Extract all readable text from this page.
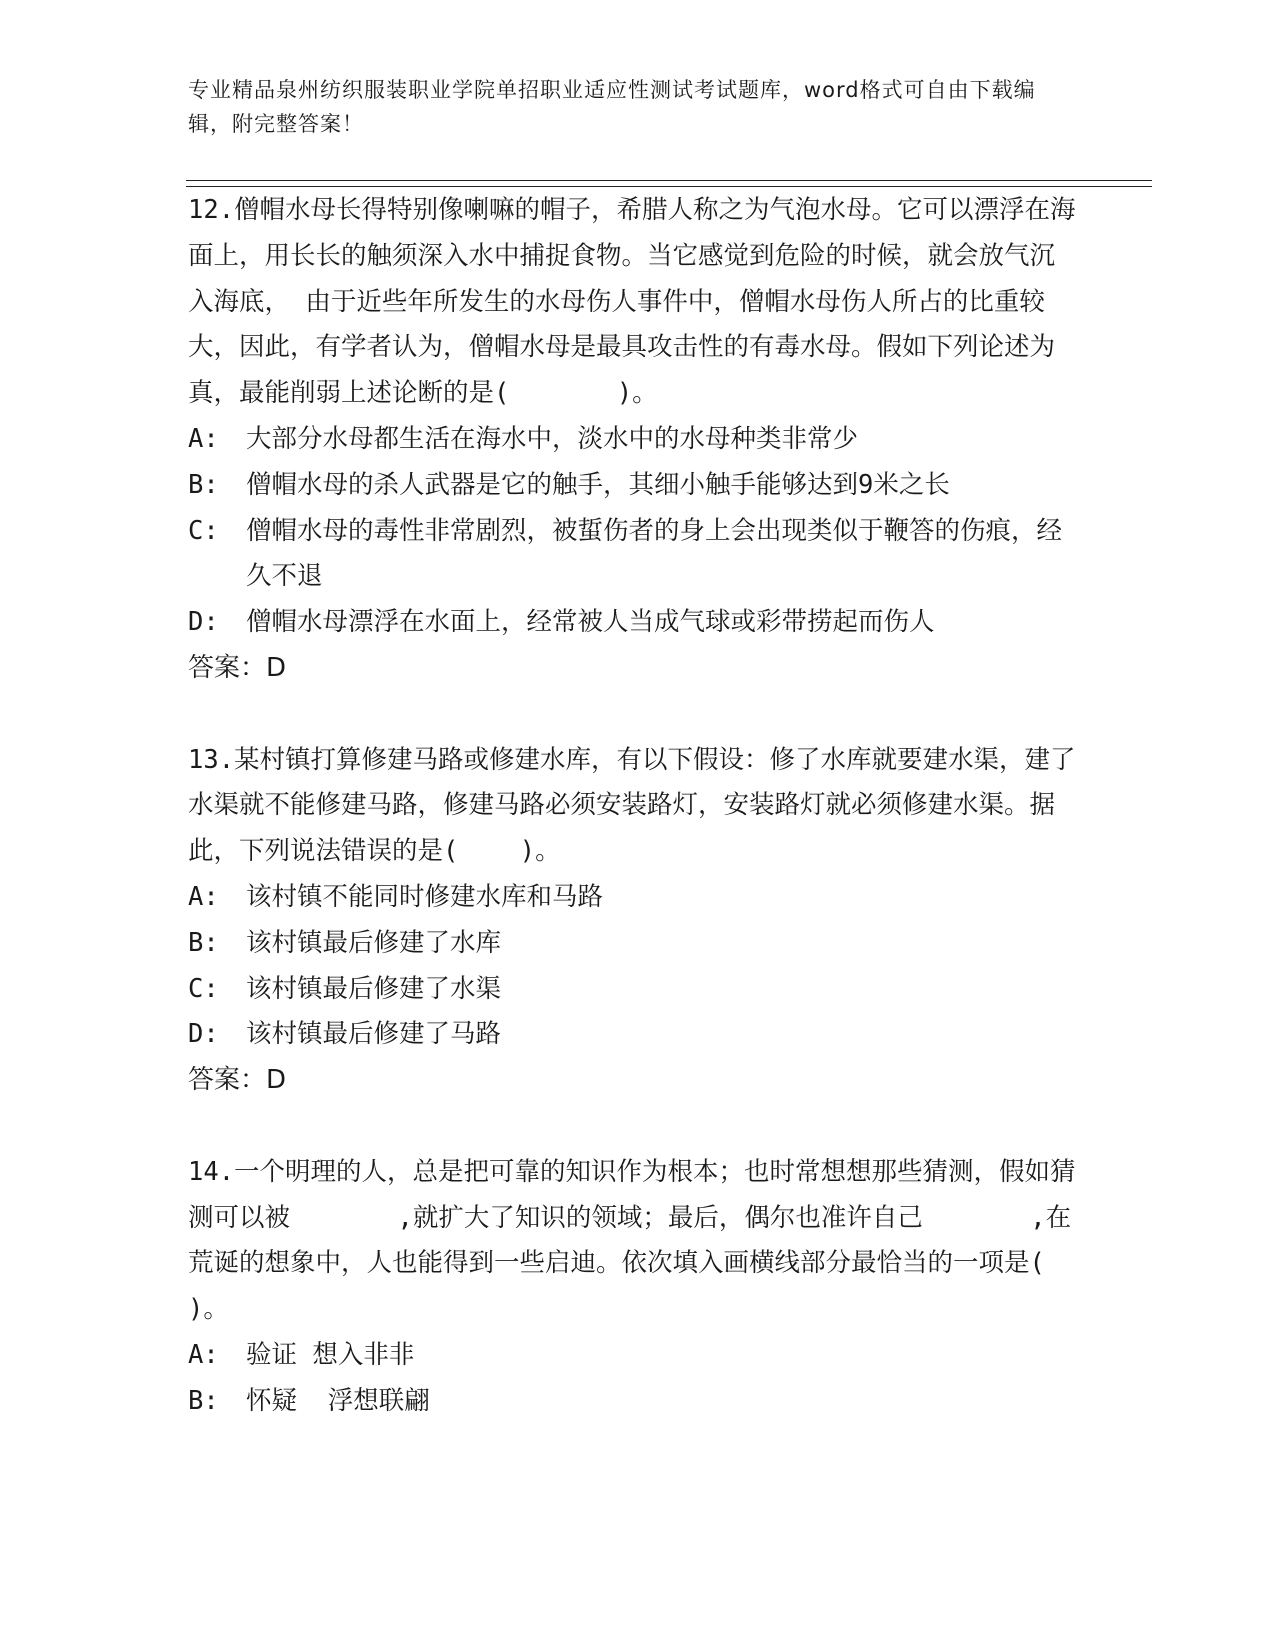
专业精品泉州纺织服装职业学院单招职业适应性测试考试题库，word格式可自由下载编辑，附完整答案！
12.僧帽水母长得特别像喇嘛的帽子，希腊人称之为气泡水母。它可以漂浮在海  面上，用长长的触须深入水中捕捉食物。当它感觉到危险的时候，就会放气沉入海底， 由于近些年所发生的水母伤人事件中，僧帽水母伤人所占的比重较大，因此，有学者认为，僧帽水母是最具攻击性的有毒水母。假如下列论述为真，最能削弱上述论断的是(       )。
A:	大部分水母都生活在海水中，淡水中的水母种类非常少
B:	僧帽水母的杀人武器是它的触手，其细小触手能够达到9米之长
C:	僧帽水母的毒性非常剧烈，被蜇伤者的身上会出现类似于鞭答的伤痕，经久不退
D:	僧帽水母漂浮在水面上，经常被人当成气球或彩带捞起而伤人
答案：D
13.某村镇打算修建马路或修建水库，有以下假设：修了水库就要建水渠，建了水渠就不能修建马路，修建马路必须安装路灯，安装路灯就必须修建水渠。据此，下列说法错误的是(    )。
A:	该村镇不能同时修建水库和马路
B:	该村镇最后修建了水库
C:	该村镇最后修建了水渠
D:	该村镇最后修建了马路
答案：D
14.一个明理的人，总是把可靠的知识作为根本；也时常想想那些猜测，假如猜 测可以被       ,就扩大了知识的领域；最后，偶尔也准许自己       ,在荒诞的想象中，人也能得到一些启迪。依次填入画横线部分最恰当的一项是(   )。
A:	验证 想入非非
B:	怀疑  浮想联翩
